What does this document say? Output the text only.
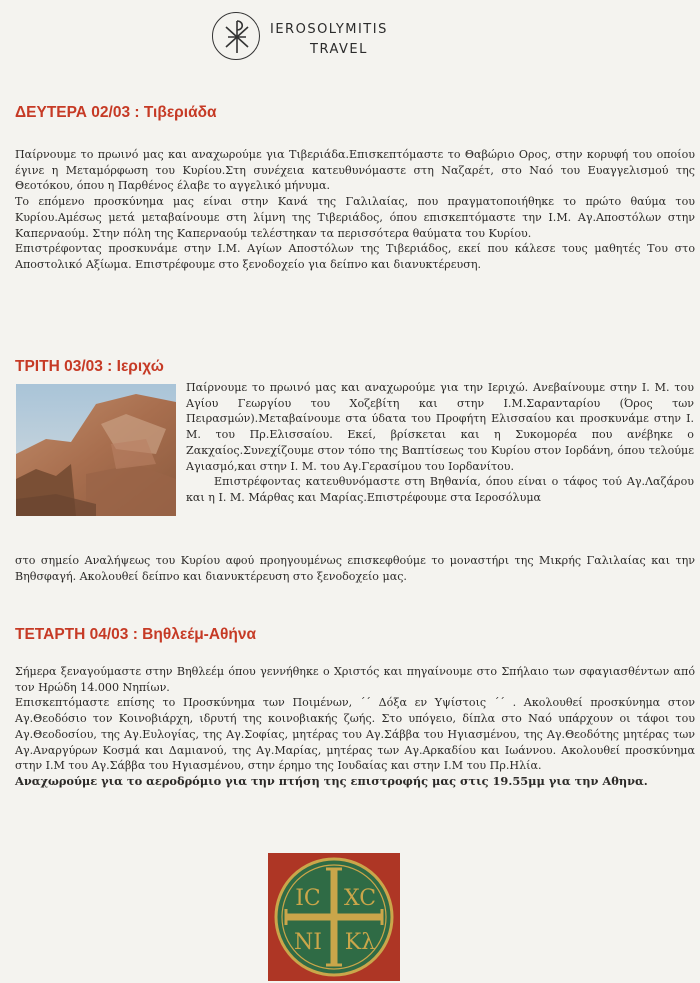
IEROSOLYMITIS
TRAVEL
ΔΕΥΤΕΡΑ 02/03 : Τιβεριάδα

Παίρνουμε το πρωινό μας και αναχωρούμε για Τιβεριάδα.Επισκεπτόμαστε το Θαβώριο Ορος, στην κορυφή του οποίου έγινε η Μεταμόρφωση του Κυρίου.Στη συνέχεια κατευθυνόμαστε στη Ναζαρέτ, στο Ναό του Ευαγγελισμού της Θεοτόκου, όπου η Παρθένος έλαβε το αγγελικό μήνυμα.

Το επόμενο προσκύνημα μας είναι στην Κανά της Γαλιλαίας, που πραγματοποιήθηκε το πρώτο θαύμα του Κυρίου.Αμέσως μετά μεταβαίνουμε στη λίμνη της Τιβεριάδος, όπου επισκεπτόμαστε την Ι.Μ. Αγ.Αποστόλων στην Καπερναούμ. Στην πόλη της Καπερναούμ τελέστηκαν τα περισσότερα θαύματα του Κυρίου.

Επιστρέφοντας προσκυνάμε στην Ι.Μ. Αγίων Αποστόλων της Τιβεριάδος, εκεί που κάλεσε τους μαθητές Του στο Αποστολικό Αξίωμα. Επιστρέφουμε στο ξενοδοχείο για δείπνο και διανυκτέρευση.

ΤΡΙΤΗ 03/03 : Ιεριχώ

Παίρνουμε το πρωινό μας και αναχωρούμε για την Ιεριχώ. Ανεβαίνουμε στην Ι. Μ. του Αγίου Γεωργίου του Χοζεβίτη και στην Ι.Μ.Σαρανταρίου (Όρος των Πειρασμών).Μεταβαίνουμε στα ύδατα του Προφήτη Ελισσαίου και προσκυνάμε στην Ι. Μ. του Πρ.Ελισσαίου. Εκεί, βρίσκεται και η Συκομορέα που ανέβηκε ο Ζακχαίος.Συνεχίζουμε στον τόπο της Βαπτίσεως του Κυρίου στον Ιορδάνη, όπου τελούμε Αγιασμό,και στην Ι. Μ. του Αγ.Γερασίμου του Ιορδανίτου.

Επιστρέφοντας κατευθυνόμαστε στη Βηθανία, όπου είναι ο τάφος τού Αγ.Λαζάρου και η Ι. Μ. Μάρθας και Μαρίας.Επιστρέφουμε στα Ιεροσόλυμα

στο σημείο Αναλήψεως του Κυρίου αφού προηγουμένως επισκεφθούμε το μοναστήρι της Μικρής Γαλιλαίας και την Βηθσφαγή. Ακολουθεί δείπνο και διανυκτέρευση στο ξενοδοχείο μας.

ΤΕΤΑΡΤΗ 04/03 : Βηθλεέμ-Αθήνα

Σήμερα ξεναγούμαστε στην Βηθλεέμ όπου γεννήθηκε ο Χριστός και πηγαίνουμε στο Σπήλαιο των σφαγιασθέντων από τον Ηρώδη 14.000 Νηπίων.

Επισκεπτόμαστε επίσης το Προσκύνημα των Ποιμένων, ΄΄ Δόξα εν Υψίστοις ΄΄ . Ακολουθεί προσκύνημα στον Αγ.Θεοδόσιο τον Κοινοβιάρχη, ιδρυτή της κοινοβιακής ζωής. Στο υπόγειο, δίπλα στο Ναό υπάρχουν οι τάφοι του Αγ.Θεοδοσίου, της Αγ.Ευλογίας, της Αγ.Σοφίας, μητέρας του Αγ.Σάββα του Ηγιασμένου, της Αγ.Θεοδότης μητέρας των Αγ.Αναργύρων Κοσμά και Δαμιανού, της Αγ.Μαρίας, μητέρας των Αγ.Αρκαδίου και Ιωάννου. Ακολουθεί προσκύνημα στην Ι.Μ του Αγ.Σάββα του Ηγιασμένου, στην έρημο της Ιουδαίας και στην Ι.Μ του Πρ.Ηλία.

Αναχωρούμε για το αεροδρόμιο για την πτήση της επιστροφής μας στις 19.55μμ για την Αθηνα.

IC XC
NI Kλ
